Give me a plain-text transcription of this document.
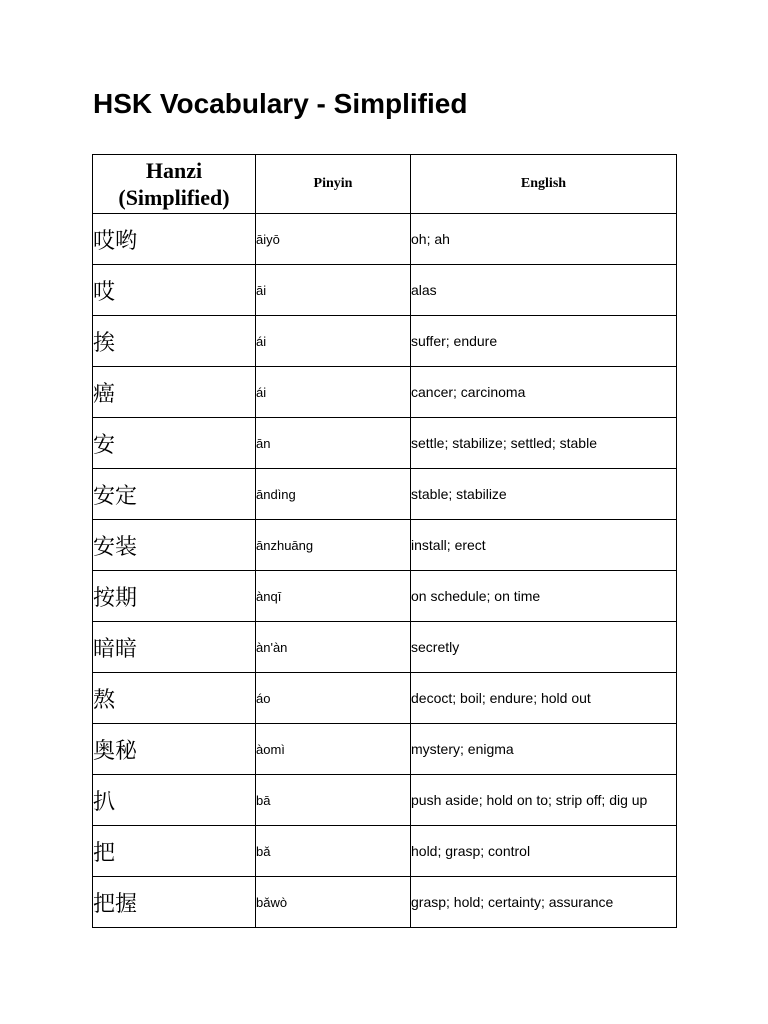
HSK Vocabulary - Simplified
Hanzi (Simplified)	Pinyin	English
哎哟	āiyō	oh; ah
哎	āi	alas
挨	ái	suffer; endure
癌	ái	cancer; carcinoma
安	ān	settle; stabilize; settled; stable
安定	āndìng	stable; stabilize
安装	ānzhuāng	install; erect
按期	ànqī	on schedule; on time
暗暗	àn'àn	secretly
熬	áo	decoct; boil; endure; hold out
奥秘	àomì	mystery; enigma
扒	bā	push aside; hold on to; strip off; dig up
把	bǎ	hold; grasp; control
把握	bǎwò	grasp; hold; certainty; assurance
